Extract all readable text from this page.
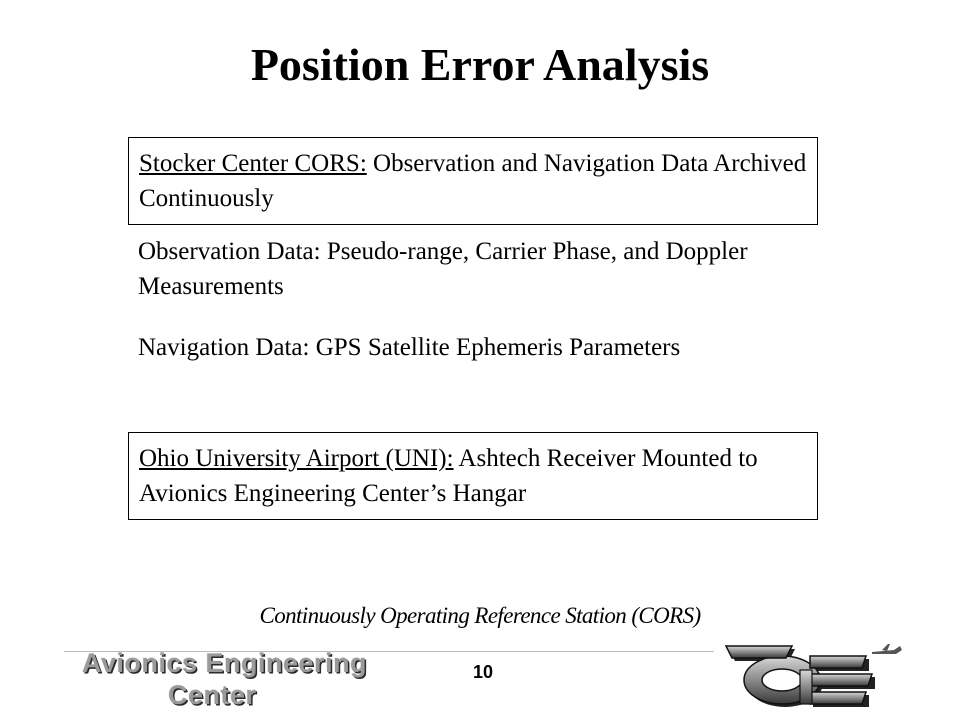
Position Error Analysis
Stocker Center CORS: Observation and Navigation Data Archived Continuously
Observation Data: Pseudo-range, Carrier Phase, and Doppler Measurements
Navigation Data: GPS Satellite Ephemeris Parameters
Ohio University Airport (UNI): Ashtech Receiver Mounted to Avionics Engineering Center’s Hangar
Continuously Operating Reference Station (CORS)
Avionics Engineering
Center
10
